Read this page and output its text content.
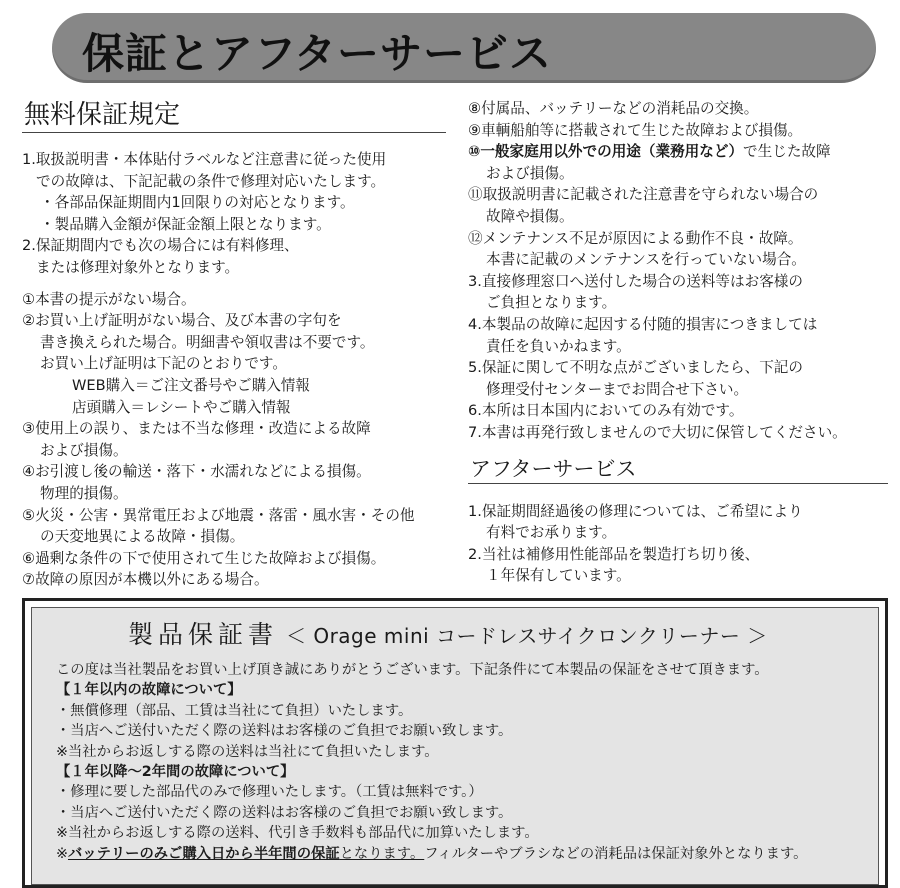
保証とアフターサービス
無料保証規定
1.取扱説明書・本体貼付ラベルなど注意書に従った使用
での故障は、下記記載の条件で修理対応いたします。
・各部品保証期間内1回限りの対応となります。
・製品購入金額が保証金額上限となります。
2.保証期間内でも次の場合には有料修理、
または修理対象外となります。
①本書の提示がない場合。
②お買い上げ証明がない場合、及び本書の字句を
書き換えられた場合。明細書や領収書は不要です。
お買い上げ証明は下記のとおりです。
WEB購入＝ご注文番号やご購入情報
店頭購入＝レシートやご購入情報
③使用上の誤り、または不当な修理・改造による故障
および損傷。
④お引渡し後の輸送・落下・水濡れなどによる損傷。
物理的損傷。
⑤火災・公害・異常電圧および地震・落雷・風水害・その他
の天変地異による故障・損傷。
⑥過剰な条件の下で使用されて生じた故障および損傷。
⑦故障の原因が本機以外にある場合。
⑧付属品、バッテリーなどの消耗品の交換。
⑨車輌船舶等に搭載されて生じた故障および損傷。
⑩一般家庭用以外での用途（業務用など）で生じた故障
および損傷。
⑪取扱説明書に記載された注意書を守られない場合の
故障や損傷。
⑫メンテナンス不足が原因による動作不良・故障。
本書に記載のメンテナンスを行っていない場合。
3.直接修理窓口へ送付した場合の送料等はお客様の
ご負担となります。
4.本製品の故障に起因する付随的損害につきましては
責任を負いかねます。
5.保証に関して不明な点がございましたら、下記の
修理受付センターまでお問合せ下さい。
6.本所は日本国内においてのみ有効です。
7.本書は再発行致しませんので大切に保管してください。
アフターサービス
1.保証期間経過後の修理については、ご希望により
有料でお承ります。
2.当社は補修用性能部品を製造打ち切り後、
１年保有しています。
製品保証書 ＜ Orage mini コードレスサイクロンクリーナー ＞
この度は当社製品をお買い上げ頂き誠にありがとうございます。下記条件にて本製品の保証をさせて頂きます。
【１年以内の故障について】
・無償修理（部品、工賃は当社にて負担）いたします。
・当店へご送付いただく際の送料はお客様のご負担でお願い致します。
※当社からお返しする際の送料は当社にて負担いたします。
【１年以降～2年間の故障について】
・修理に要した部品代のみで修理いたします。（工賃は無料です。）
・当店へご送付いただく際の送料はお客様のご負担でお願い致します。
※当社からお返しする際の送料、代引き手数料も部品代に加算いたします。
※バッテリーのみご購入日から半年間の保証となります。フィルターやブラシなどの消耗品は保証対象外となります。
